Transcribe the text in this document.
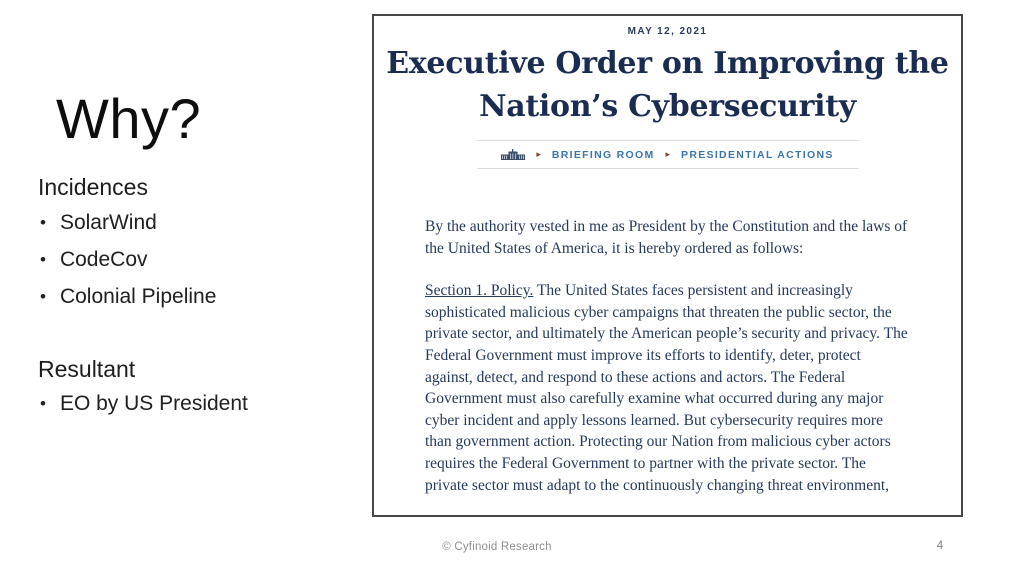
Why?
Incidences
• SolarWind
• CodeCov
• Colonial Pipeline
Resultant
• EO by US President
MAY 12, 2021
Executive Order on Improving the
Nation’s Cybersecurity
▸ BRIEFING ROOM ▸ PRESIDENTIAL ACTIONS

By the authority vested in me as President by the Constitution and the laws of the United States of America, it is hereby ordered as follows:

Section 1. Policy. The United States faces persistent and increasingly sophisticated malicious cyber campaigns that threaten the public sector, the private sector, and ultimately the American people’s security and privacy. The Federal Government must improve its efforts to identify, deter, protect against, detect, and respond to these actions and actors. The Federal Government must also carefully examine what occurred during any major cyber incident and apply lessons learned. But cybersecurity requires more than government action. Protecting our Nation from malicious cyber actors requires the Federal Government to partner with the private sector. The private sector must adapt to the continuously changing threat environment,

© Cyfinoid Research	4
